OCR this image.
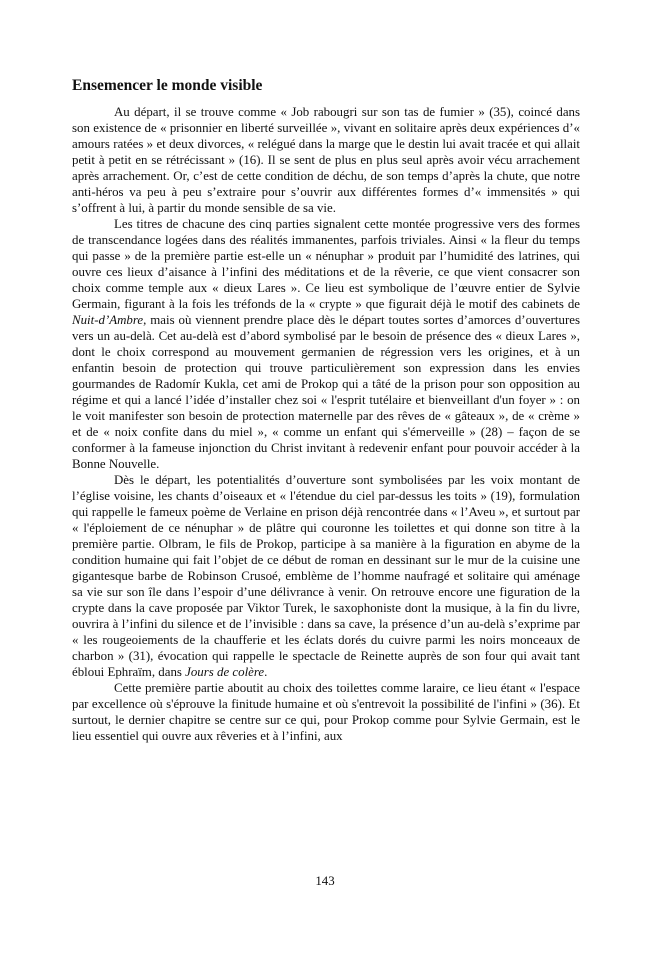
Ensemencer le monde visible

Au départ, il se trouve comme « Job rabougri sur son tas de fumier » (35), coincé dans son existence de « prisonnier en liberté surveillée », vivant en solitaire après deux expériences d’« amours ratées » et deux divorces, « relégué dans la marge que le destin lui avait tracée et qui allait petit à petit en se rétrécissant » (16). Il se sent de plus en plus seul après avoir vécu arrachement après arrachement. Or, c’est de cette condition de déchu, de son temps d’après la chute, que notre anti-héros va peu à peu s’extraire pour s’ouvrir aux différentes formes d’« immensités » qui s’offrent à lui, à partir du monde sensible de sa vie.

Les titres de chacune des cinq parties signalent cette montée progressive vers des formes de transcendance logées dans des réalités immanentes, parfois triviales. Ainsi « la fleur du temps qui passe » de la première partie est-elle un « nénuphar » produit par l’humidité des latrines, qui ouvre ces lieux d’aisance à l’infini des méditations et de la rêverie, ce que vient consacrer son choix comme temple aux « dieux Lares ». Ce lieu est symbolique de l’œuvre entier de Sylvie Germain, figurant à la fois les tréfonds de la « crypte » que figurait déjà le motif des cabinets de Nuit-d’Ambre, mais où viennent prendre place dès le départ toutes sortes d’amorces d’ouvertures vers un au-delà. Cet au-delà est d’abord symbolisé par le besoin de présence des « dieux Lares », dont le choix correspond au mouvement germanien de régression vers les origines, et à un enfantin besoin de protection qui trouve particulièrement son expression dans les envies gourmandes de Radomír Kukla, cet ami de Prokop qui a tâté de la prison pour son opposition au régime et qui a lancé l’idée d’installer chez soi « l'esprit tutélaire et bienveillant d'un foyer » : on le voit manifester son besoin de protection maternelle par des rêves de « gâteaux », de « crème » et de « noix confite dans du miel », « comme un enfant qui s'émerveille » (28) – façon de se conformer à la fameuse injonction du Christ invitant à redevenir enfant pour pouvoir accéder à la Bonne Nouvelle.

Dès le départ, les potentialités d’ouverture sont symbolisées par les voix montant de l’église voisine, les chants d’oiseaux et « l'étendue du ciel par-dessus les toits » (19), formulation qui rappelle le fameux poème de Verlaine en prison déjà rencontrée dans « l’Aveu », et surtout par « l'éploiement de ce nénuphar » de plâtre qui couronne les toilettes et qui donne son titre à la première partie. Olbram, le fils de Prokop, participe à sa manière à la figuration en abyme de la condition humaine qui fait l’objet de ce début de roman en dessinant sur le mur de la cuisine une gigantesque barbe de Robinson Crusoé, emblème de l’homme naufragé et solitaire qui aménage sa vie sur son île dans l’espoir d’une délivrance à venir. On retrouve encore une figuration de la crypte dans la cave proposée par Viktor Turek, le saxophoniste dont la musique, à la fin du livre, ouvrira à l’infini du silence et de l’invisible : dans sa cave, la présence d’un au-delà s’exprime par « les rougeoiements de la chaufferie et les éclats dorés du cuivre parmi les noirs monceaux de charbon » (31), évocation qui rappelle le spectacle de Reinette auprès de son four qui avait tant ébloui Ephraïm, dans Jours de colère.

Cette première partie aboutit au choix des toilettes comme laraire, ce lieu étant « l'espace par excellence où s'éprouve la finitude humaine et où s'entrevoit la possibilité de l'infini » (36). Et surtout, le dernier chapitre se centre sur ce qui, pour Prokop comme pour Sylvie Germain, est le lieu essentiel qui ouvre aux rêveries et à l’infini, aux

143
